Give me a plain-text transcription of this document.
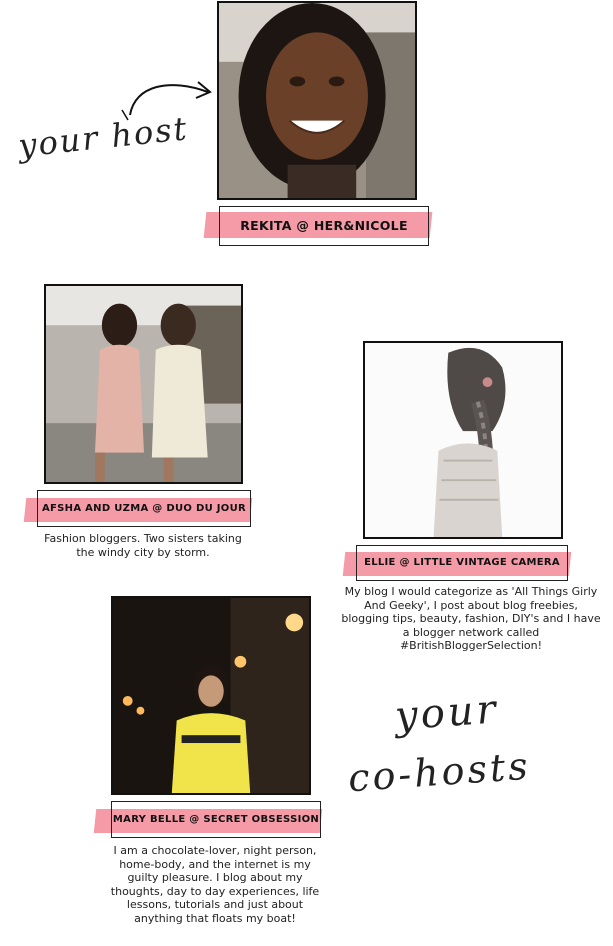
your host
REKITA @ HER&NICOLE
AFSHA AND UZMA @ DUO DU JOUR
Fashion bloggers. Two sisters taking the windy city by storm.
ELLIE @ LITTLE VINTAGE CAMERA
My blog I would categorize as 'All Things Girly And Geeky', I post about blog freebies, blogging tips, beauty, fashion, DIY's and I have a blogger network called #BritishBloggerSelection!
MARY BELLE @ SECRET OBSESSION
I am a chocolate-lover, night person, home-body, and the internet is my guilty pleasure. I blog about my thoughts, day to day experiences, life lessons, tutorials and just about anything that floats my boat!
your
co-hosts
